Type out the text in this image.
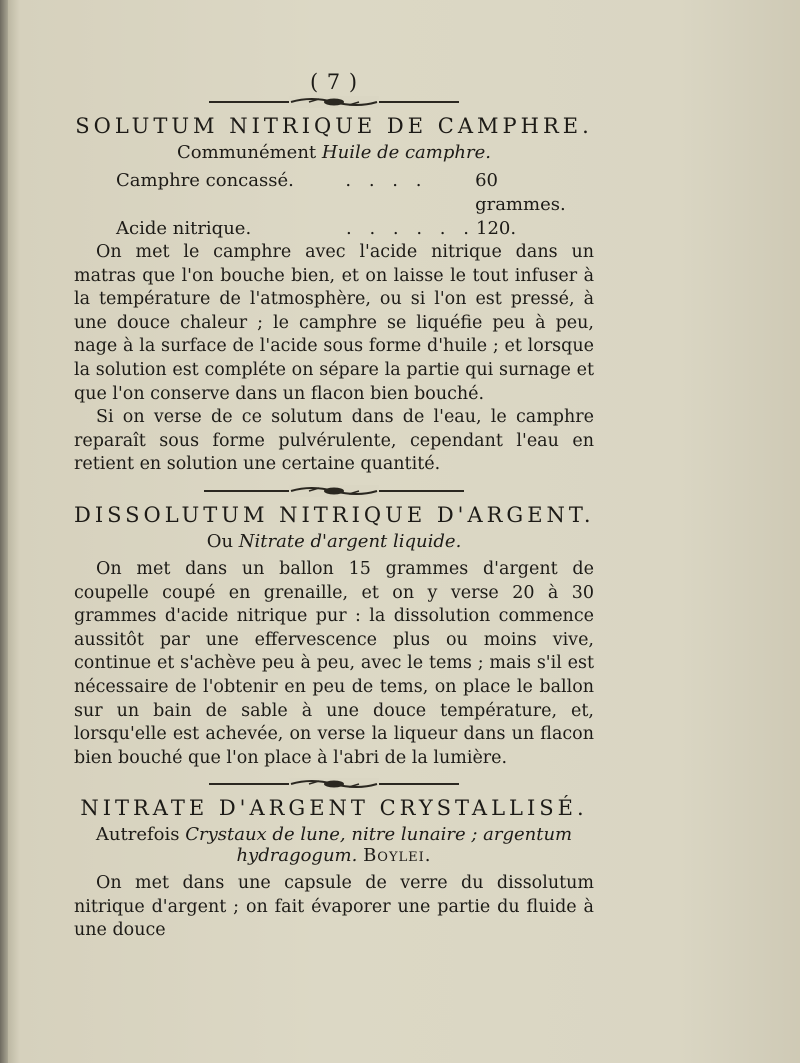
( 7 )
SOLUTUM NITRIQUE DE CAMPHRE.
Communément Huile de camphre.
Camphre concassé.	. . . .	60 grammes.
Acide nitrique.	. . . . . . 120.

On met le camphre avec l'acide nitrique dans un matras que l'on bouche bien, et on laisse le tout infuser à la température de l'atmosphère, ou si l'on est pressé, à une douce chaleur ; le camphre se liquéfie peu à peu, nage à la surface de l'acide sous forme d'huile ; et lorsque la solution est compléte on sépare la partie qui surnage et que l'on conserve dans un flacon bien bouché.

Si on verse de ce solutum dans de l'eau, le camphre reparaît sous forme pulvérulente, cependant l'eau en retient en solution une certaine quantité.

DISSOLUTUM NITRIQUE D'ARGENT.
Ou Nitrate d'argent liquide.

On met dans un ballon 15 grammes d'argent de coupelle coupé en grenaille, et on y verse 20 à 30 grammes d'acide nitrique pur : la dissolution commence aussitôt par une effervescence plus ou moins vive, continue et s'achève peu à peu, avec le tems ; mais s'il est nécessaire de l'obtenir en peu de tems, on place le ballon sur un bain de sable à une douce température, et, lorsqu'elle est achevée, on verse la liqueur dans un flacon bien bouché que l'on place à l'abri de la lumière.

NITRATE D'ARGENT CRYSTALLISÉ.
Autrefois Crystaux de lune, nitre lunaire ; argentum hydragogum. Boylei.

On met dans une capsule de verre du dissolutum nitrique d'argent ; on fait évaporer une partie du fluide à une douce
